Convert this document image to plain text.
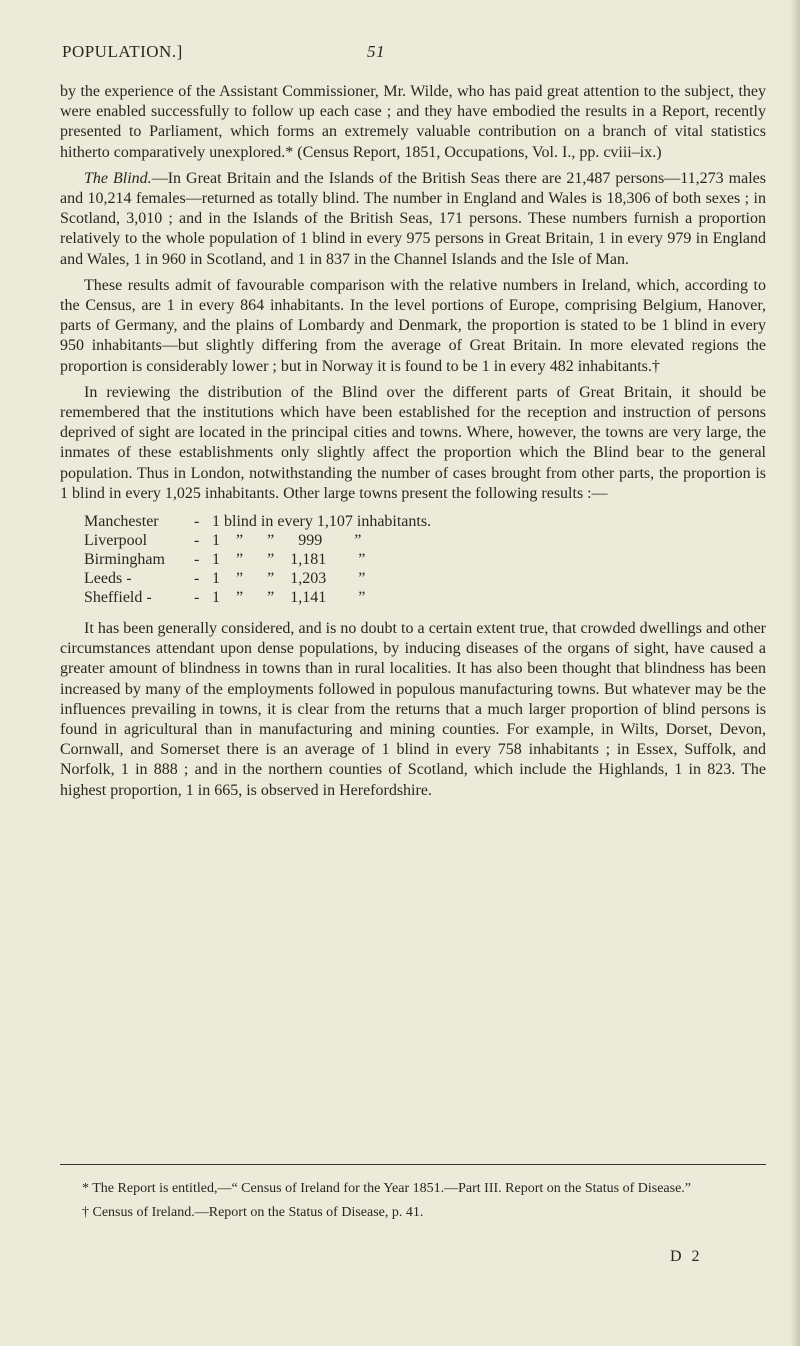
POPULATION.]	51

by the experience of the Assistant Commissioner, Mr. Wilde, who has paid great attention to the subject, they were enabled successfully to follow up each case ; and they have embodied the results in a Report, recently presented to Parliament, which forms an extremely valuable contribution on a branch of vital statistics hitherto comparatively unexplored.* (Census Report, 1851, Occupations, Vol. I., pp. cviii–ix.)

The Blind.—In Great Britain and the Islands of the British Seas there are 21,487 persons—11,273 males and 10,214 females—returned as totally blind. The number in England and Wales is 18,306 of both sexes ; in Scotland, 3,010 ; and in the Islands of the British Seas, 171 persons. These numbers furnish a proportion relatively to the whole population of 1 blind in every 975 persons in Great Britain, 1 in every 979 in England and Wales, 1 in 960 in Scotland, and 1 in 837 in the Channel Islands and the Isle of Man.

These results admit of favourable comparison with the relative numbers in Ireland, which, according to the Census, are 1 in every 864 inhabitants. In the level portions of Europe, comprising Belgium, Hanover, parts of Germany, and the plains of Lombardy and Denmark, the proportion is stated to be 1 blind in every 950 inhabitants—but slightly differing from the average of Great Britain. In more elevated regions the proportion is considerably lower ; but in Norway it is found to be 1 in every 482 inhabitants.†

In reviewing the distribution of the Blind over the different parts of Great Britain, it should be remembered that the institutions which have been established for the reception and instruction of persons deprived of sight are located in the principal cities and towns. Where, however, the towns are very large, the inmates of these establishments only slightly affect the proportion which the Blind bear to the general population. Thus in London, notwithstanding the number of cases brought from other parts, the proportion is 1 blind in every 1,025 inhabitants. Other large towns present the following results :—

Manchester	- 1 blind in every 1,107 inhabitants.
Liverpool	- 1 ”      ”      999        ”
Birmingham	- 1 ”      ”    1,181        ”
Leeds -	- 1 ”      ”    1,203        ”
Sheffield -	- 1 ”      ”    1,141        ”

It has been generally considered, and is no doubt to a certain extent true, that crowded dwellings and other circumstances attendant upon dense populations, by inducing diseases of the organs of sight, have caused a greater amount of blindness in towns than in rural localities. It has also been thought that blindness has been increased by many of the employments followed in populous manufacturing towns. But whatever may be the influences prevailing in towns, it is clear from the returns that a much larger proportion of blind persons is found in agricultural than in manufacturing and mining counties. For example, in Wilts, Dorset, Devon, Cornwall, and Somerset there is an average of 1 blind in every 758 inhabitants ; in Essex, Suffolk, and Norfolk, 1 in 888 ; and in the northern counties of Scotland, which include the Highlands, 1 in 823. The highest proportion, 1 in 665, is observed in Herefordshire.

* The Report is entitled,—“ Census of Ireland for the Year 1851.—Part III. Report on the Status of Disease.”

† Census of Ireland.—Report on the Status of Disease, p. 41.

D 2
